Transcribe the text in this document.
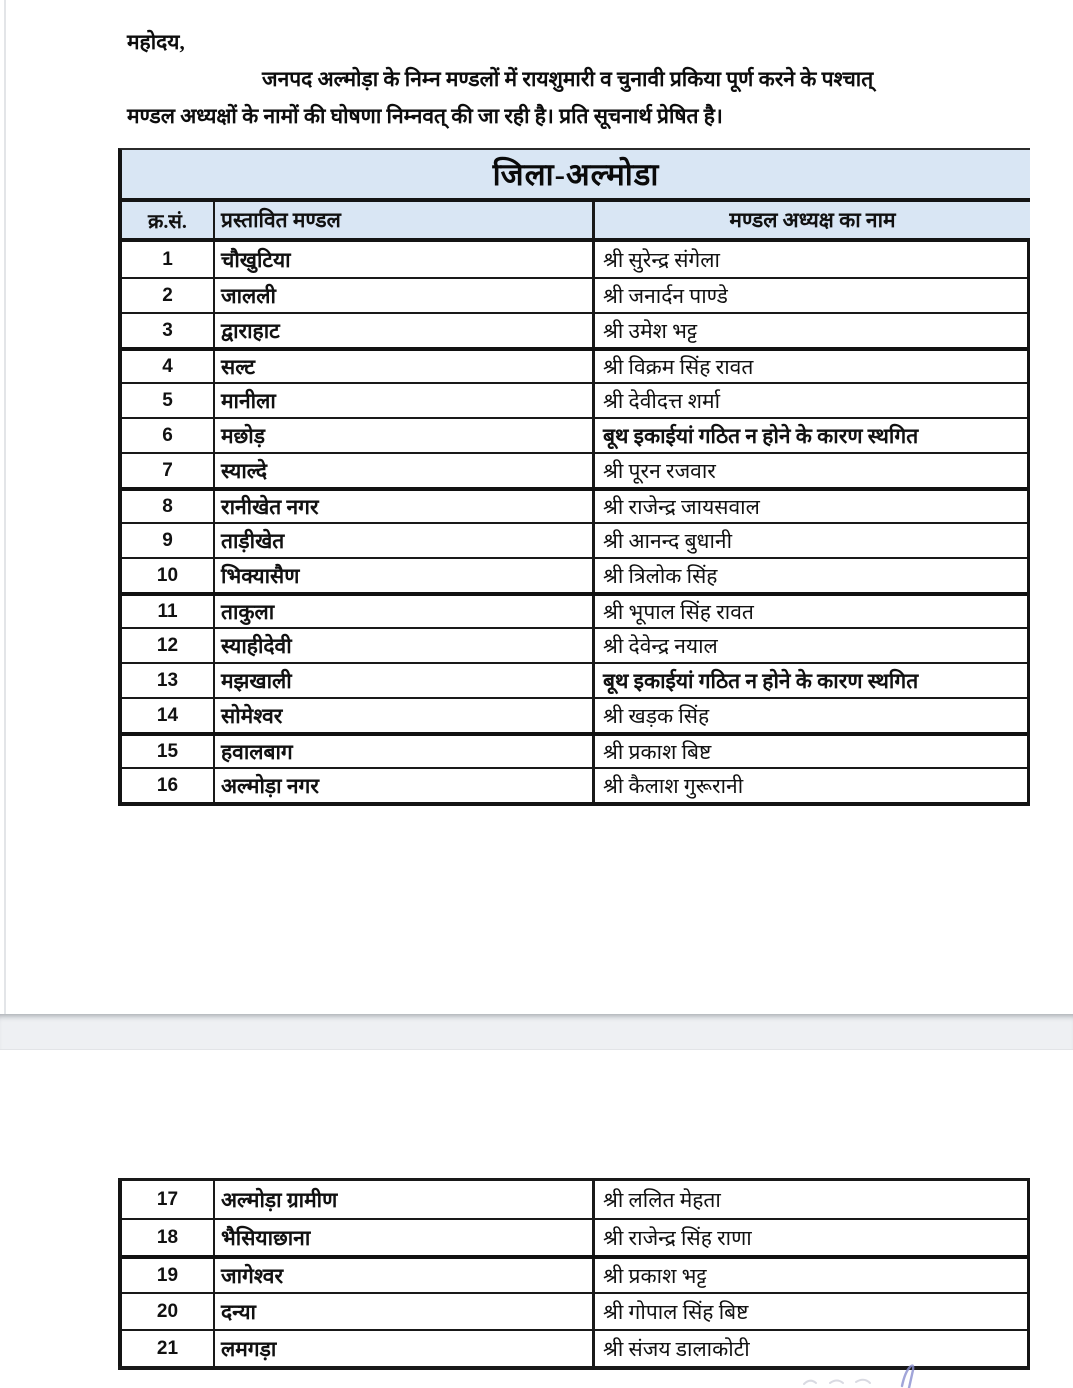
महोदय,
जनपद अल्मोड़ा के निम्न मण्डलों में रायशुमारी व चुनावी प्रकिया पूर्ण करने के पश्चात्
मण्डल अध्यक्षों के नामों की घोषणा निम्नवत् की जा रही है। प्रति सूचनार्थ प्रेषित है।
जिला-अल्मोडा
क्र.सं.	प्रस्तावित मण्डल	मण्डल अध्यक्ष का नाम
1	चौखुटिया	श्री सुरेन्द्र संगेला
2	जालली	श्री जनार्दन पाण्डे
3	द्वाराहाट	श्री उमेश भट्ट
4	सल्ट	श्री विक्रम सिंह रावत
5	मानीला	श्री देवीदत्त शर्मा
6	मछोड़	बूथ इकाईयां गठित न होने के कारण स्थगित
7	स्याल्दे	श्री पूरन रजवार
8	रानीखेत नगर	श्री राजेन्द्र जायसवाल
9	ताड़ीखेत	श्री आनन्द बुधानी
10	भिक्यासैण	श्री त्रिलोक सिंह
11	ताकुला	श्री भूपाल सिंह रावत
12	स्याहीदेवी	श्री देवेन्द्र नयाल
13	मझखाली	बूथ इकाईयां गठित न होने के कारण स्थगित
14	सोमेश्वर	श्री खड़क सिंह
15	हवालबाग	श्री प्रकाश बिष्ट
16	अल्मोड़ा नगर	श्री कैलाश गुरूरानी
17	अल्मोड़ा ग्रामीण	श्री ललित मेहता
18	भैसियाछाना	श्री राजेन्द्र सिंह राणा
19	जागेश्वर	श्री प्रकाश भट्ट
20	दन्या	श्री गोपाल सिंह बिष्ट
21	लमगड़ा	श्री संजय डालाकोटी
